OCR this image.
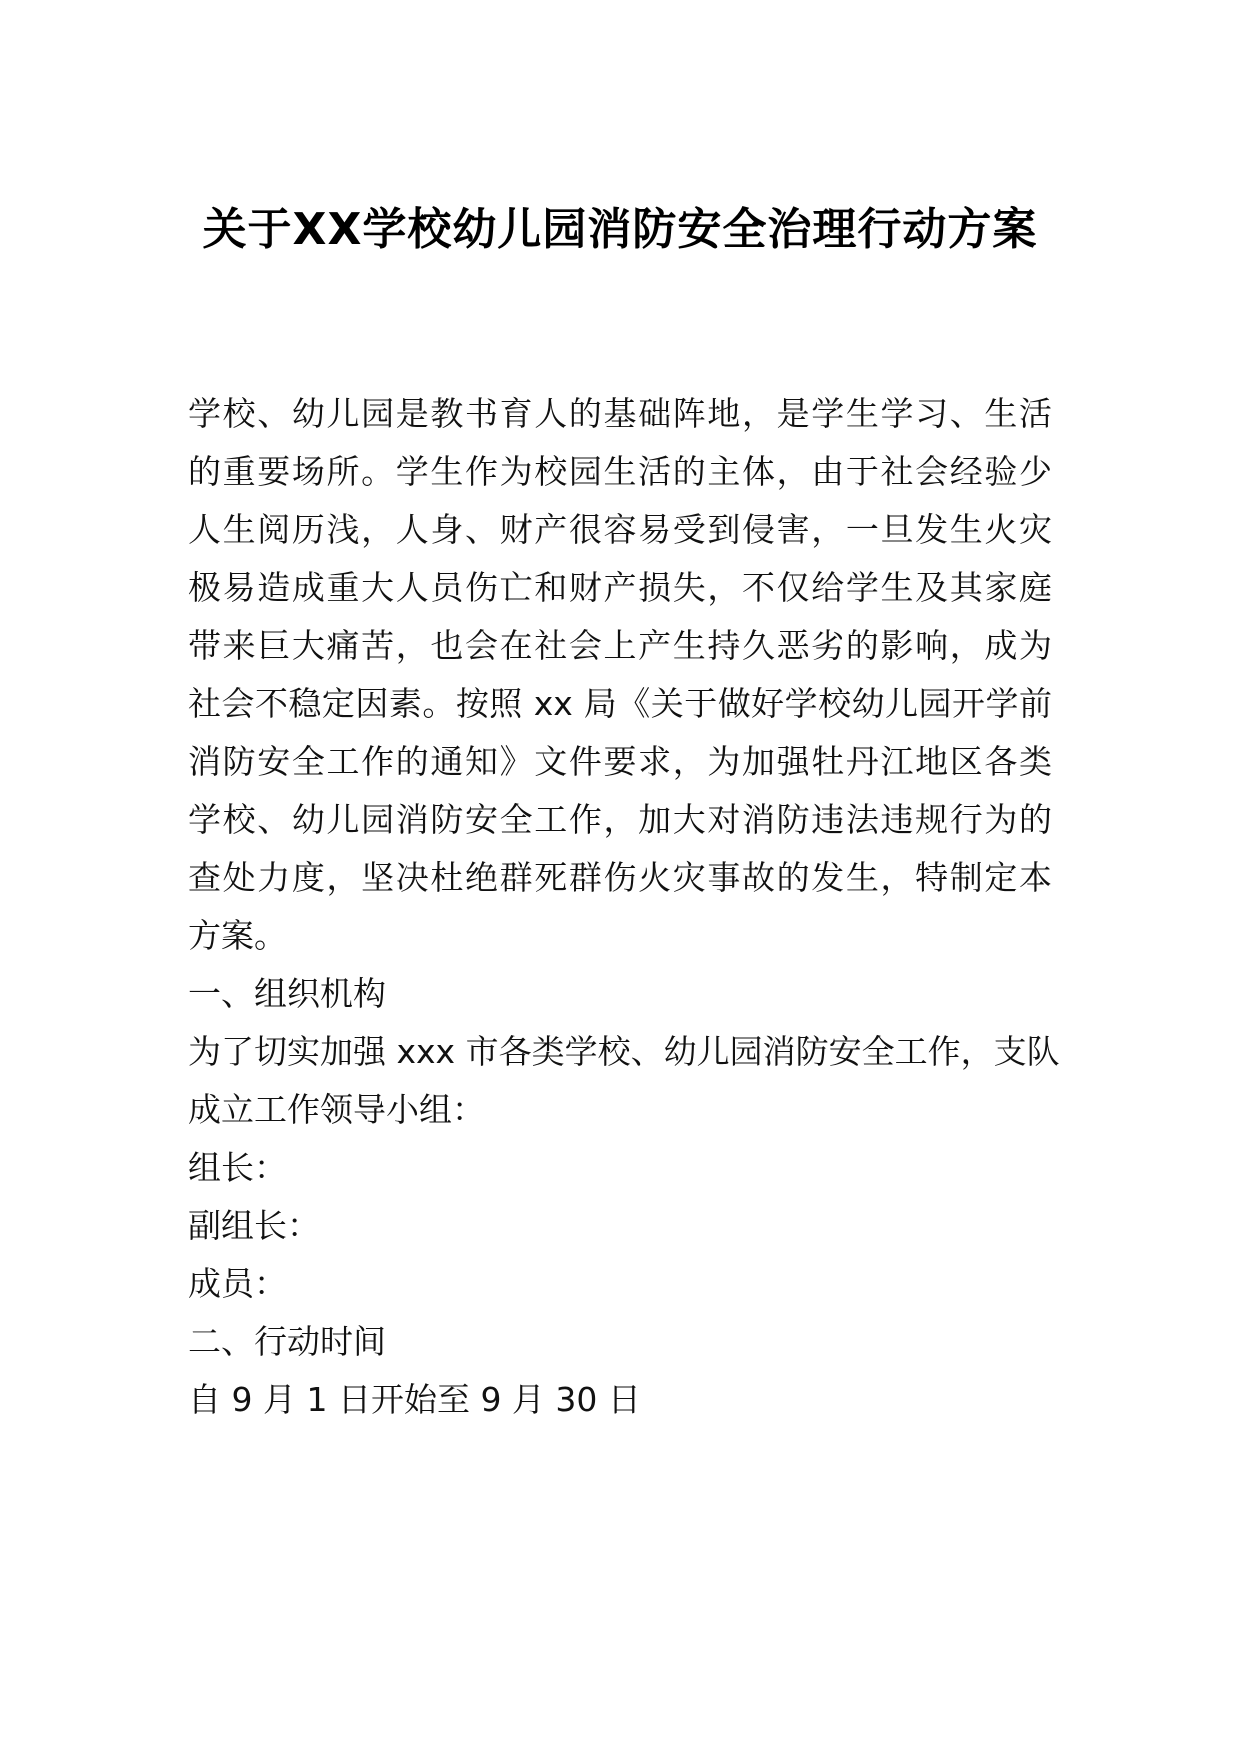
关于XX学校幼儿园消防安全治理行动方案

学校、幼儿园是教书育人的基础阵地，是学生学习、生活

的重要场所。学生作为校园生活的主体，由于社会经验少

人生阅历浅，人身、财产很容易受到侵害，一旦发生火灾

极易造成重大人员伤亡和财产损失，不仅给学生及其家庭

带来巨大痛苦，也会在社会上产生持久恶劣的影响，成为

社会不稳定因素。按照 xx 局《关于做好学校幼儿园开学前

消防安全工作的通知》文件要求，为加强牡丹江地区各类

学校、幼儿园消防安全工作，加大对消防违法违规行为的

查处力度，坚决杜绝群死群伤火灾事故的发生，特制定本

方案。

一、组织机构

为了切实加强 xxx 市各类学校、幼儿园消防安全工作，支队

成立工作领导小组：

组长：

副组长：

成员：

二、行动时间

自 9 月 1 日开始至 9 月 30 日
